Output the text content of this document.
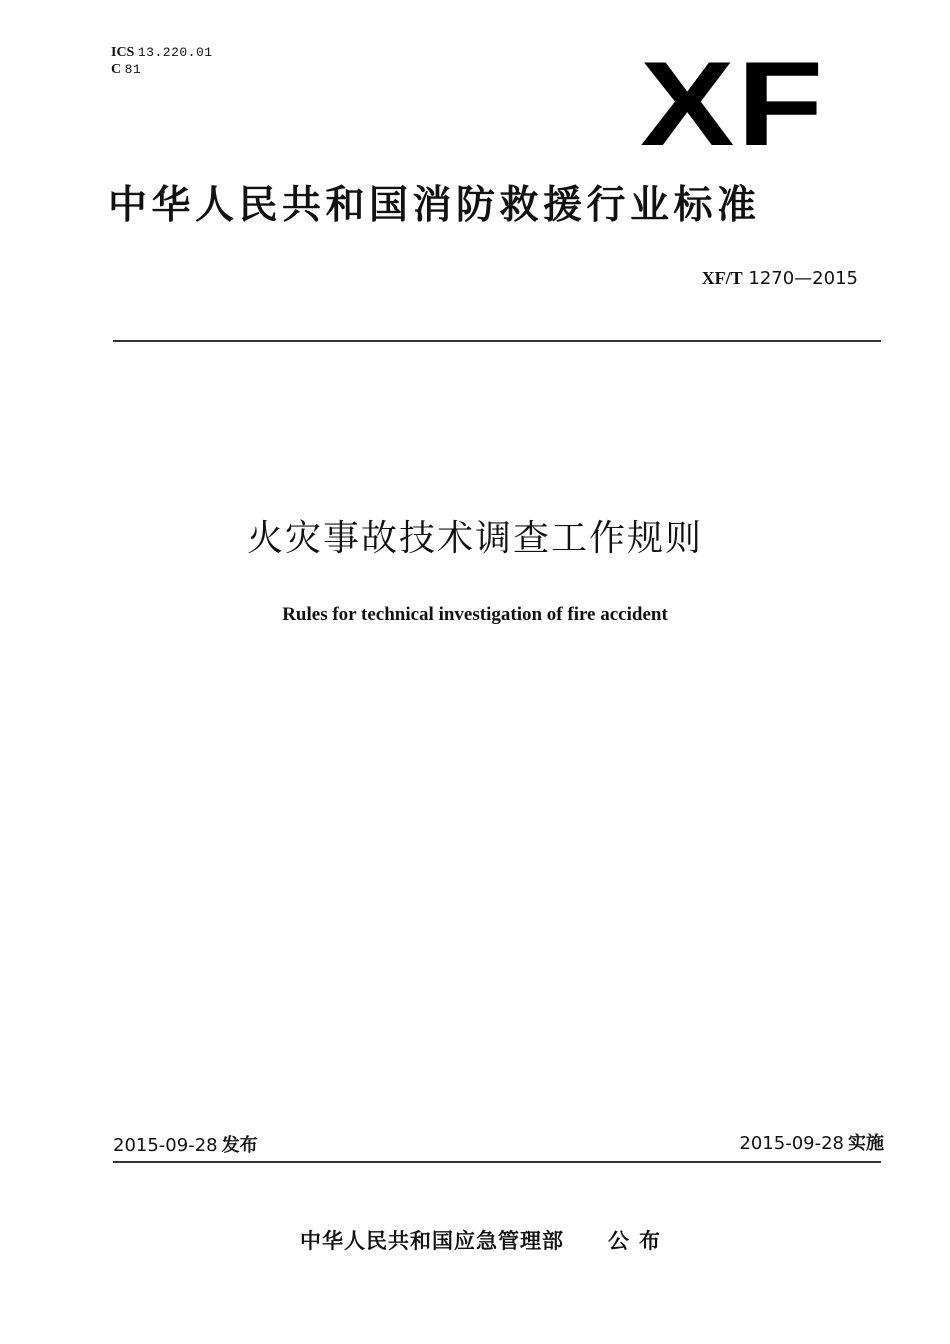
ICS 13.220.01
C 81	XF
中华人民共和国消防救援行业标准
XF/T 1270—2015
火灾事故技术调查工作规则
Rules for technical investigation of fire accident
2015-09-28 发布	2015-09-28 实施
中华人民共和国应急管理部 公布
